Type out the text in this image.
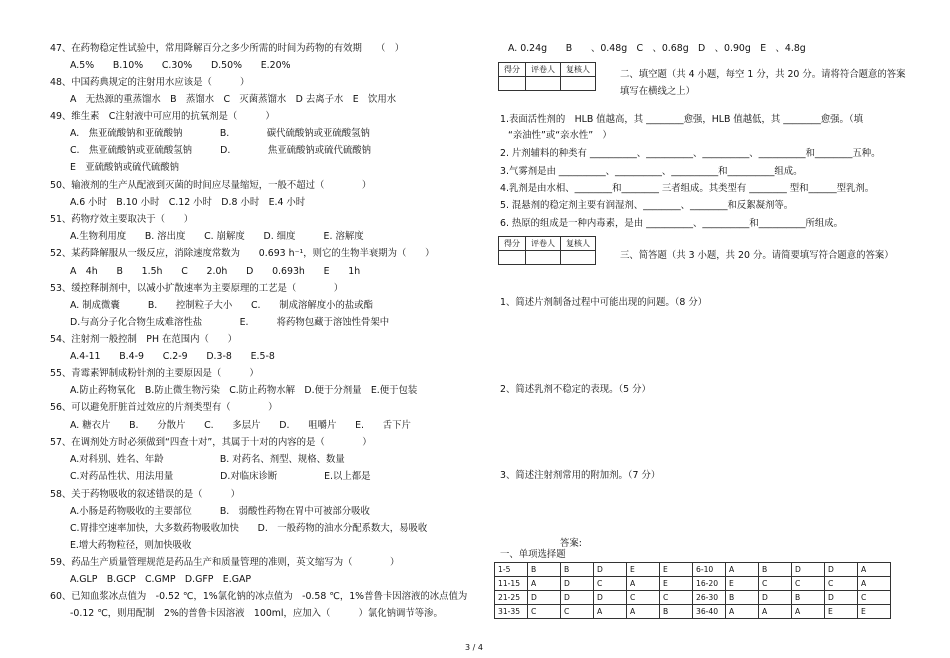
47、在药物稳定性试验中，常用降解百分之多少所需的时间为药物的有效期　　（　）
A.5%　　B.10%　　C.30%　　D.50%　　E.20%
48、中国药典规定的注射用水应该是（　　　）
A　无热源的重蒸馏水　B　蒸馏水　C　灭菌蒸馏水　D 去离子水　E　饮用水
49、维生素　C注射液中可应用的抗氧剂是（　　　）
A.　焦亚硫酸钠和亚硫酸钠　　　　B.　　　　碳代硫酸钠或亚硫酸氢钠
C.　焦亚硫酸钠或亚硫酸氢钠　　　D.　　　　焦亚硫酸钠或硫代硫酸钠
E　亚硫酸钠或硫代硫酸钠
50、输液剂的生产从配液到灭菌的时间应尽量缩短，一般不超过（　　　　）
A.6 小时　B.10 小时　C.12 小时　D.8 小时　E.4 小时
51、药物疗效主要取决于（　　）
A.生物利用度　　B. 溶出度　　C. 崩解度　　D. 细度　　　E. 溶解度
52、某药降解服从一级反应，消除速度常数为　　0.693 h⁻¹，则它的生物半衰期为（　　）
A　4h　　B　　1.5h　　C　　2.0h　　D　　0.693h　　E　　1h
53、缓控释制剂中，以减小扩散速率为主要原理的工艺是（　　　　）
A. 制成微囊　　　B.　　控制粒子大小　　C.　　制成溶解度小的盐或酯
D.与高分子化合物生成难溶性盐　　　　E.　　　将药物包藏于溶蚀性骨架中
54、注射剂一般控制　PH 在范围内（　　）
A.4-11　　B.4-9　　C.2-9　　D.3-8　　E.5-8
55、青霉素钾制成粉针剂的主要原因是（　　　）
A.防止药物氧化　B.防止微生物污染　C.防止药物水解　D.便于分剂量　E.便于包装
56、可以避免肝脏首过效应的片剂类型有（　　　　）
A. 糖衣片　　B.　　分散片　　C.　　多层片　　D.　　咀嚼片　　E.　　舌下片
57、在调剂处方时必须做到“四查十对”，其属于十对的内容的是（　　　　）
A.对科别、姓名、年龄　　　　　　B. 对药名、剂型、规格、数量
C.对药品性状、用法用量　　　　　D.对临床诊断　　　　　E.以上都是
58、关于药物吸收的叙述错误的是（　　　）
A.小肠是药物吸收的主要部位　　　B.　弱酸性药物在胃中可被部分吸收
C.胃排空速率加快，大多数药物吸收加快　　D.　一般药物的油水分配系数大，易吸收
E.增大药物粒径，则加快吸收
59、药品生产质量管理规范是药品生产和质量管理的准则，英文缩写为（　　　　）
A.GLP　B.GCP　C.GMP　D.GFP　E.GAP
60、已知血浆冰点值为　-0.52 ℃，1%氯化钠的冰点值为　-0.58 ℃，1%普鲁卡因溶液的冰点值为
-0.12 ℃，则用配制　2%的普鲁卡因溶液　100ml，应加入（　　　）氯化钠调节等渗。
A. 0.24g　　B　　、0.48g　C　、0.68g　D　、0.90g　E　、4.8g
得分	评卷人	复核人
			二、填空题（共 4 小题，每空 1 分，共 20 分。请将符合题意的答案
填写在横线之上）
1.表面活性剂的　HLB 值越高，其 ________愈强，HLB 值越低，其 ________愈强。（填
“亲油性”或“亲水性”　）
2. 片剂辅料的种类有 __________、__________、__________、__________和________五种。
3.气雾剂是由 __________、__________、__________和__________组成。
4.乳剂是由水相、________和________ 三者组成。其类型有 ________ 型和______型乳剂。
5. 混悬剂的稳定剂主要有润湿剂、________、________和反絮凝剂等。
6. 热原的组成是一种内毒素，是由 __________、__________和__________所组成。
得分	评卷人	复核人

三、简答题（共 3 小题，共 20 分。请简要填写符合题意的答案）
1、简述片剂制备过程中可能出现的问题。（8 分）
2、简述乳剂不稳定的表现。（5 分）
3、简述注射剂常用的附加剂。（7 分）
答案:
一、单项选择题
1-5	B	B	D	E	E	6-10	A	B	D	D	A
11-15	A	D	C	A	E	16-20	E	C	C	C	A
21-25	D	D	D	C	C	26-30	B	D	B	D	C
31-35	C	C	A	A	B	36-40	A	A	A	E	E
3 / 4
